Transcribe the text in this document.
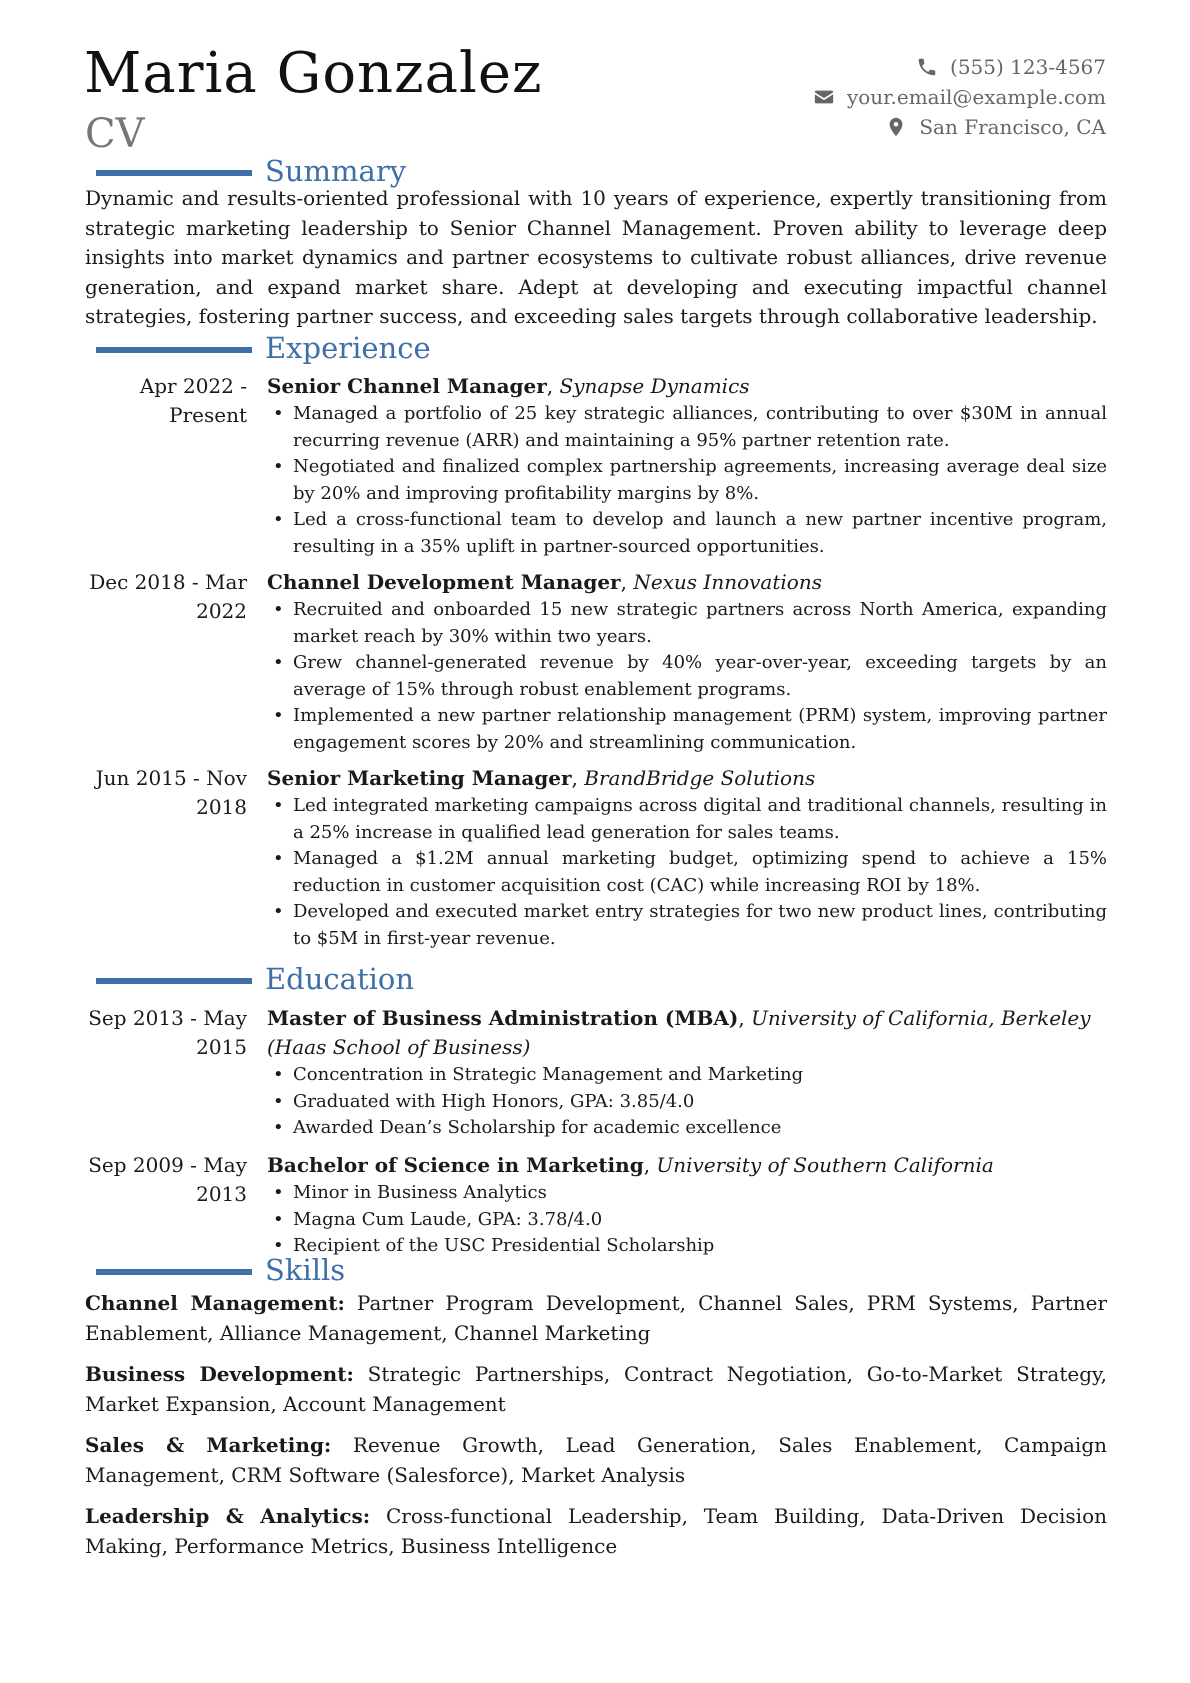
Maria Gonzalez
CV
(555) 123-4567
your.email@example.com
San Francisco, CA
Summary
Dynamic and results-oriented professional with 10 years of experience, expertly transitioning from strategic marketing leadership to Senior Channel Management. Proven ability to leverage deep insights into market dynamics and partner ecosystems to cultivate robust alliances, drive revenue generation, and expand market share. Adept at developing and executing impactful channel strategies, fostering partner success, and exceeding sales targets through collaborative leadership.
Experience
Apr 2022 - Present
Senior Channel Manager, Synapse Dynamics
• Managed a portfolio of 25 key strategic alliances, contributing to over $30M in annual recurring revenue (ARR) and maintaining a 95% partner retention rate.
• Negotiated and finalized complex partnership agreements, increasing average deal size by 20% and improving profitability margins by 8%.
• Led a cross-functional team to develop and launch a new partner incentive program, resulting in a 35% uplift in partner-sourced opportunities.
Dec 2018 - Mar 2022
Channel Development Manager, Nexus Innovations
• Recruited and onboarded 15 new strategic partners across North America, expanding market reach by 30% within two years.
• Grew channel-generated revenue by 40% year-over-year, exceeding targets by an average of 15% through robust enablement programs.
• Implemented a new partner relationship management (PRM) system, improving partner engagement scores by 20% and streamlining communication.
Jun 2015 - Nov 2018
Senior Marketing Manager, BrandBridge Solutions
• Led integrated marketing campaigns across digital and traditional channels, resulting in a 25% increase in qualified lead generation for sales teams.
• Managed a $1.2M annual marketing budget, optimizing spend to achieve a 15% reduction in customer acquisition cost (CAC) while increasing ROI by 18%.
• Developed and executed market entry strategies for two new product lines, contributing to $5M in first-year revenue.
Education
Sep 2013 - May 2015
Master of Business Administration (MBA), University of California, Berkeley (Haas School of Business)
• Concentration in Strategic Management and Marketing
• Graduated with High Honors, GPA: 3.85/4.0
• Awarded Dean’s Scholarship for academic excellence
Sep 2009 - May 2013
Bachelor of Science in Marketing, University of Southern California
• Minor in Business Analytics
• Magna Cum Laude, GPA: 3.78/4.0
• Recipient of the USC Presidential Scholarship
Skills
Channel Management: Partner Program Development, Channel Sales, PRM Systems, Partner Enablement, Alliance Management, Channel Marketing
Business Development: Strategic Partnerships, Contract Negotiation, Go-to-Market Strategy, Market Expansion, Account Management
Sales & Marketing: Revenue Growth, Lead Generation, Sales Enablement, Campaign Management, CRM Software (Salesforce), Market Analysis
Leadership & Analytics: Cross-functional Leadership, Team Building, Data-Driven Decision Making, Performance Metrics, Business Intelligence
